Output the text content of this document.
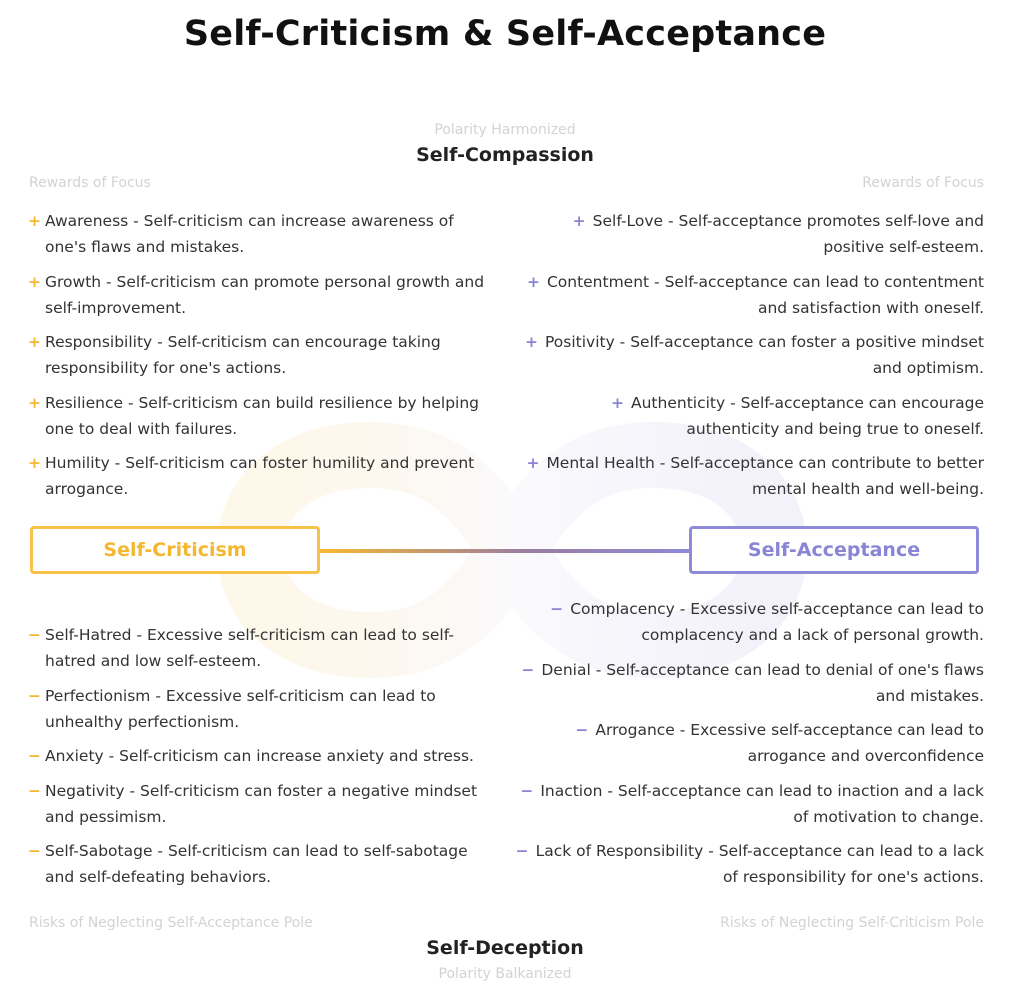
Self-Criticism & Self-Acceptance
Polarity Harmonized
Self-Compassion
Rewards of Focus	Rewards of Focus
+ Awareness - Self-criticism can increase awareness of one's flaws and mistakes.
+ Growth - Self-criticism can promote personal growth and self-improvement.
+ Responsibility - Self-criticism can encourage taking responsibility for one's actions.
+ Resilience - Self-criticism can build resilience by helping one to deal with failures.
+ Humility - Self-criticism can foster humility and prevent arrogance.
+ Self-Love - Self-acceptance promotes self-love and positive self-esteem.
+ Contentment - Self-acceptance can lead to contentment and satisfaction with oneself.
+ Positivity - Self-acceptance can foster a positive mindset and optimism.
+ Authenticity - Self-acceptance can encourage authenticity and being true to oneself.
+ Mental Health - Self-acceptance can contribute to better mental health and well-being.
Self-Criticism	Self-Acceptance
− Self-Hatred - Excessive self-criticism can lead to self-hatred and low self-esteem.
− Perfectionism - Excessive self-criticism can lead to unhealthy perfectionism.
− Anxiety - Self-criticism can increase anxiety and stress.
− Negativity - Self-criticism can foster a negative mindset and pessimism.
− Self-Sabotage - Self-criticism can lead to self-sabotage and self-defeating behaviors.
− Complacency - Excessive self-acceptance can lead to complacency and a lack of personal growth.
− Denial - Self-acceptance can lead to denial of one's flaws and mistakes.
− Arrogance - Excessive self-acceptance can lead to arrogance and overconfidence
− Inaction - Self-acceptance can lead to inaction and a lack of motivation to change.
− Lack of Responsibility - Self-acceptance can lead to a lack of responsibility for one's actions.
Risks of Neglecting Self-Acceptance Pole	Risks of Neglecting Self-Criticism Pole
Self-Deception
Polarity Balkanized
